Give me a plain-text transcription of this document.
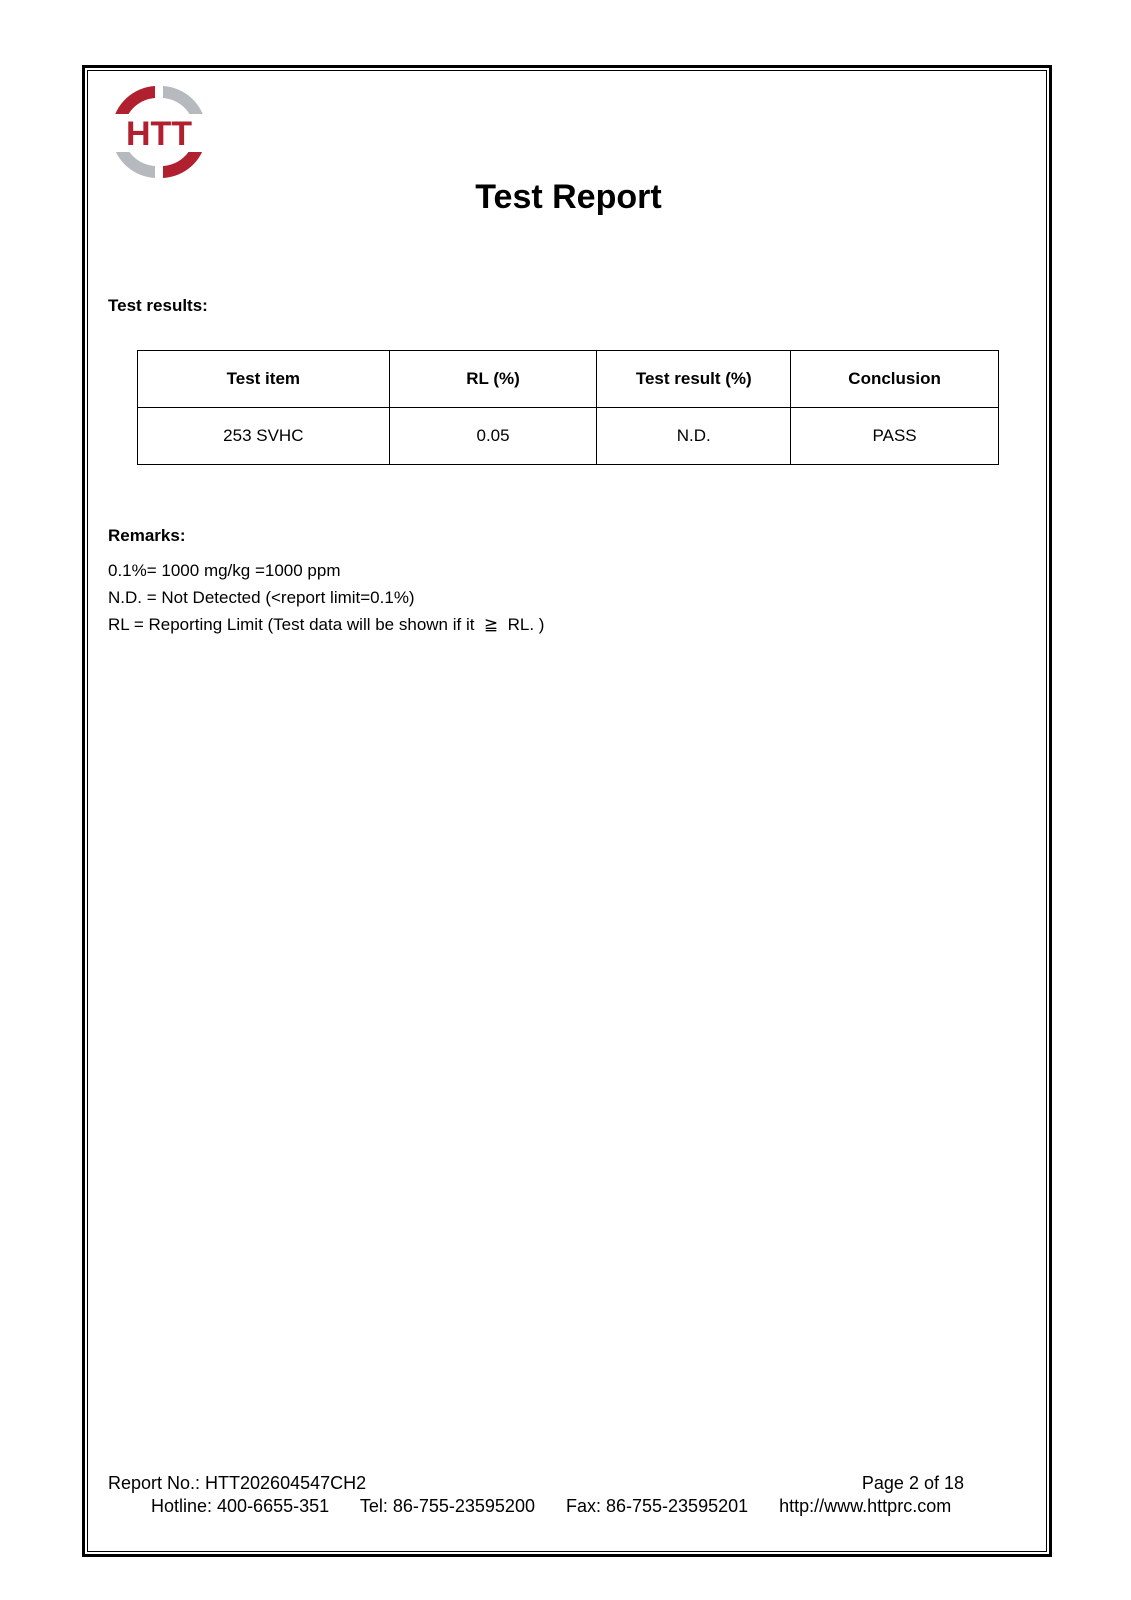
HTT
Test Report
Test results:
Test item	RL (%)	Test result (%)	Conclusion
253 SVHC	0.05	N.D.	PASS
Remarks:
0.1%= 1000 mg/kg =1000 ppm
N.D. = Not Detected (<report limit=0.1%)
RL = Reporting Limit (Test data will be shown if it  ≧  RL. )
Report No.: HTT202604547CH2	Page 2 of 18
Hotline: 400-6655-351 Tel: 86-755-23595200 Fax: 86-755-23595201 http://www.httprc.com
